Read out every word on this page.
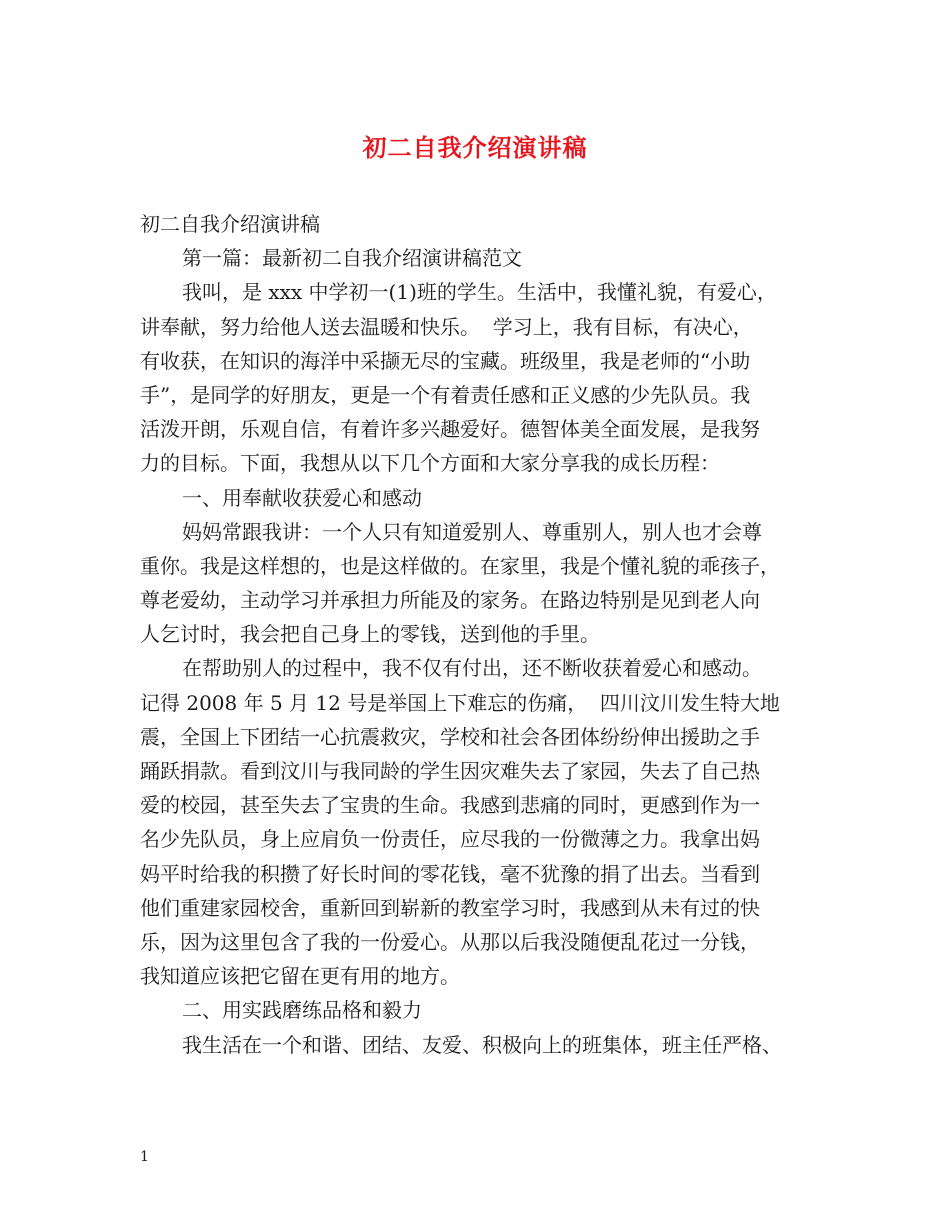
初二自我介绍演讲稿
初二自我介绍演讲稿
第一篇：最新初二自我介绍演讲稿范文
我叫，是 xxx 中学初一(1)班的学生。生活中，我懂礼貌，有爱心，
讲奉献，努力给他人送去温暖和快乐。  学习上，我有目标，有决心，
有收获，在知识的海洋中采撷无尽的宝藏。班级里，我是老师的“小助
手”，是同学的好朋友，更是一个有着责任感和正义感的少先队员。我
活泼开朗，乐观自信，有着许多兴趣爱好。德智体美全面发展，是我努
力的目标。下面，我想从以下几个方面和大家分享我的成长历程：
一、用奉献收获爱心和感动
妈妈常跟我讲：一个人只有知道爱别人、尊重别人，别人也才会尊
重你。我是这样想的，也是这样做的。在家里，我是个懂礼貌的乖孩子，
尊老爱幼，主动学习并承担力所能及的家务。在路边特别是见到老人向
人乞讨时，我会把自己身上的零钱，送到他的手里。
在帮助别人的过程中，我不仅有付出，还不断收获着爱心和感动。
记得 2008 年 5 月 12 号是举国上下难忘的伤痛，  四川汶川发生特大地
震，全国上下团结一心抗震救灾，学校和社会各团体纷纷伸出援助之手
踊跃捐款。看到汶川与我同龄的学生因灾难失去了家园，失去了自己热
爱的校园，甚至失去了宝贵的生命。我感到悲痛的同时，更感到作为一
名少先队员，身上应肩负一份责任，应尽我的一份微薄之力。我拿出妈
妈平时给我的积攒了好长时间的零花钱，毫不犹豫的捐了出去。当看到
他们重建家园校舍，重新回到崭新的教室学习时，我感到从未有过的快
乐，因为这里包含了我的一份爱心。从那以后我没随便乱花过一分钱，
我知道应该把它留在更有用的地方。
二、用实践磨练品格和毅力
我生活在一个和谐、团结、友爱、积极向上的班集体，班主任严格、
1
